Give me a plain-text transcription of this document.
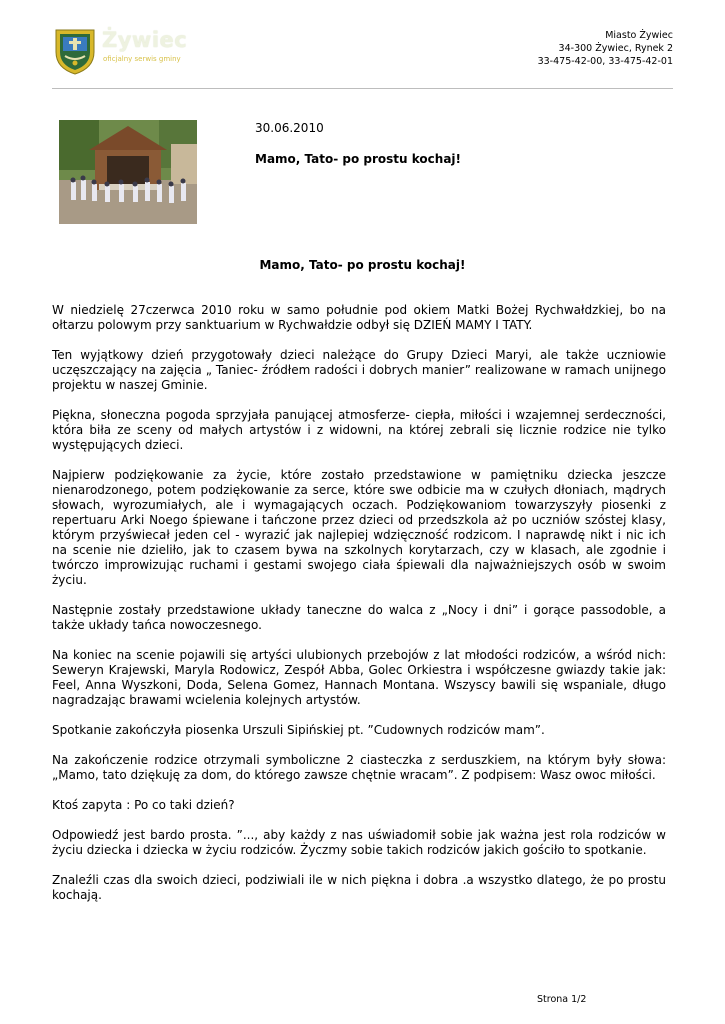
Żywiec
oficjalny serwis gminy
Miasto Żywiec
34-300 Żywiec, Rynek 2
33-475-42-00, 33-475-42-01
30.06.2010
Mamo, Tato- po prostu kochaj!
Mamo, Tato- po prostu kochaj!

W niedzielę 27czerwca 2010 roku w samo południe pod okiem Matki Bożej Rychwałdzkiej, bo na ołtarzu polowym przy sanktuarium w Rychwałdzie odbył się DZIEŃ MAMY I TATY.

Ten wyjątkowy dzień przygotowały dzieci należące do Grupy Dzieci Maryi, ale także uczniowie uczęszczający na zajęcia „ Taniec- źródłem radości i dobrych manier” realizowane w ramach unijnego projektu w naszej Gminie.

Piękna, słoneczna pogoda sprzyjała panującej atmosferze- ciepła, miłości i wzajemnej serdeczności, która biła ze sceny od małych artystów i z widowni, na której zebrali się licznie rodzice nie tylko występujących dzieci.

Najpierw podziękowanie za życie, które zostało przedstawione w pamiętniku dziecka jeszcze nienarodzonego, potem podziękowanie za serce, które swe odbicie ma w czułych dłoniach, mądrych słowach, wyrozumiałych, ale i wymagających oczach. Podziękowaniom towarzyszyły piosenki z repertuaru Arki Noego śpiewane i tańczone przez dzieci od przedszkola aż po uczniów szóstej klasy, którym przyświecał jeden cel - wyrazić jak najlepiej wdzięczność rodzicom. I naprawdę nikt i nic ich na scenie nie dzieliło, jak to czasem bywa na szkolnych korytarzach, czy w klasach, ale zgodnie i twórczo improwizując ruchami i gestami swojego ciała śpiewali dla najważniejszych osób w swoim życiu.

Następnie zostały przedstawione układy taneczne do walca z „Nocy i dni” i gorące passodoble, a także układy tańca nowoczesnego.

Na koniec na scenie pojawili się artyści ulubionych przebojów z lat młodości rodziców, a wśród nich: Seweryn Krajewski, Maryla Rodowicz, Zespół Abba, Golec Orkiestra i współczesne gwiazdy takie jak: Feel, Anna Wyszkoni, Doda, Selena Gomez, Hannach Montana. Wszyscy bawili się wspaniale, długo nagradzając brawami wcielenia kolejnych artystów.

Spotkanie zakończyła piosenka Urszuli Sipińskiej pt. ”Cudownych rodziców mam”.

Na zakończenie rodzice otrzymali symboliczne 2 ciasteczka z serduszkiem, na którym były słowa: „Mamo, tato dziękuję za dom, do którego zawsze chętnie wracam”. Z podpisem: Wasz owoc miłości.

Ktoś zapyta : Po co taki dzień?

Odpowiedź jest bardo prosta. ”..., aby każdy z nas uświadomił sobie jak ważna jest rola rodziców w życiu dziecka i dziecka w życiu rodziców. Życzmy sobie takich rodziców jakich gościło to spotkanie.

Znaleźli czas dla swoich dzieci, podziwiali ile w nich piękna i dobra .a wszystko dlatego, że po prostu kochają.

Strona 1/2
